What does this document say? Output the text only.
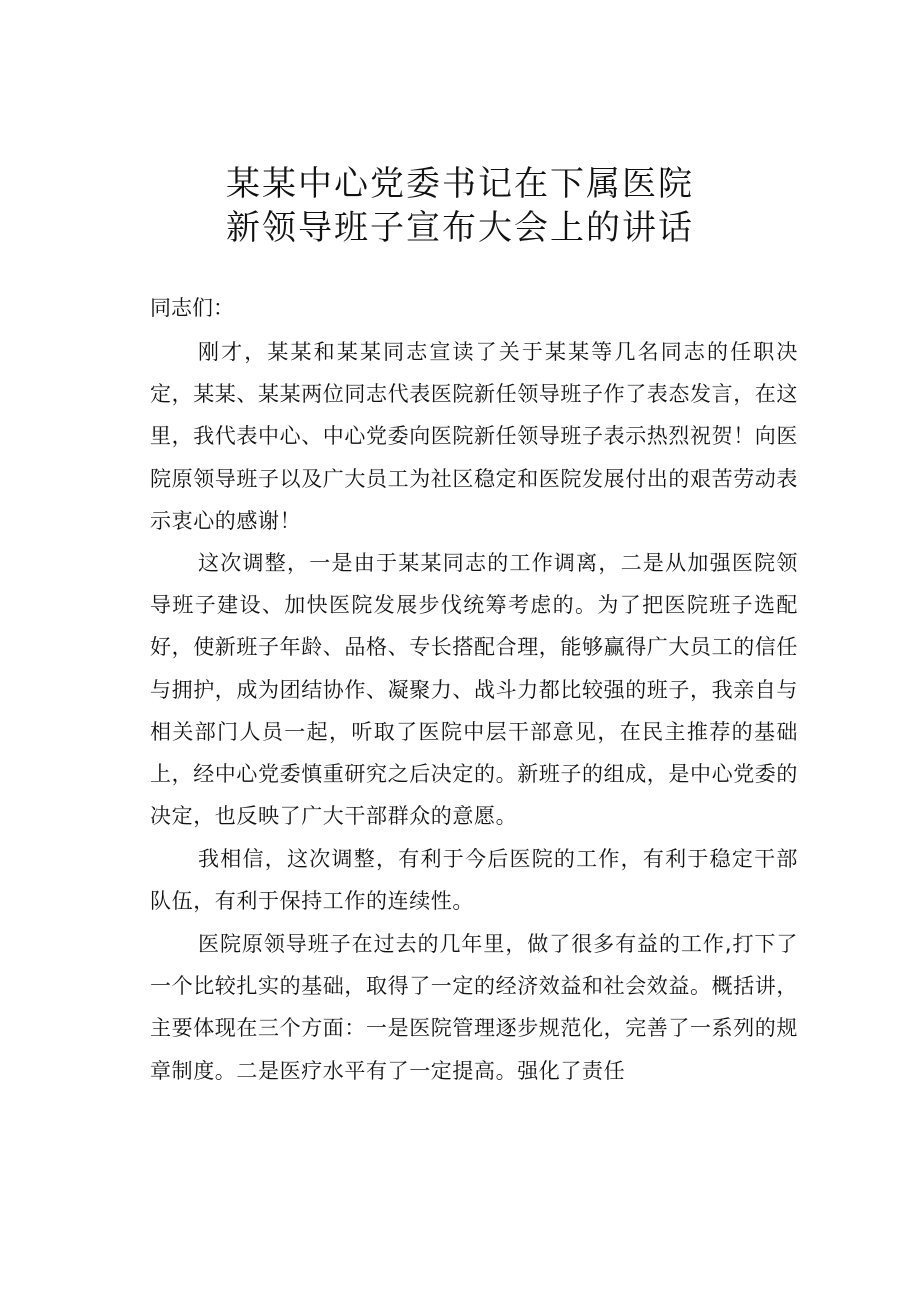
某某中心党委书记在下属医院
新领导班子宣布大会上的讲话
同志们：

刚才，某某和某某同志宣读了关于某某等几名同志的任职决定，某某、某某两位同志代表医院新任领导班子作了表态发言，在这里，我代表中心、中心党委向医院新任领导班子表示热烈祝贺！向医院原领导班子以及广大员工为社区稳定和医院发展付出的艰苦劳动表示衷心的感谢！

这次调整，一是由于某某同志的工作调离，二是从加强医院领导班子建设、加快医院发展步伐统筹考虑的。为了把医院班子选配好，使新班子年龄、品格、专长搭配合理，能够赢得广大员工的信任与拥护，成为团结协作、凝聚力、战斗力都比较强的班子，我亲自与相关部门人员一起，听取了医院中层干部意见，在民主推荐的基础上，经中心党委慎重研究之后决定的。新班子的组成，是中心党委的决定，也反映了广大干部群众的意愿。

我相信，这次调整，有利于今后医院的工作，有利于稳定干部队伍，有利于保持工作的连续性。

医院原领导班子在过去的几年里，做了很多有益的工作,打下了一个比较扎实的基础，取得了一定的经济效益和社会效益。概括讲，主要体现在三个方面：一是医院管理逐步规范化，完善了一系列的规章制度。二是医疗水平有了一定提高。强化了责任
